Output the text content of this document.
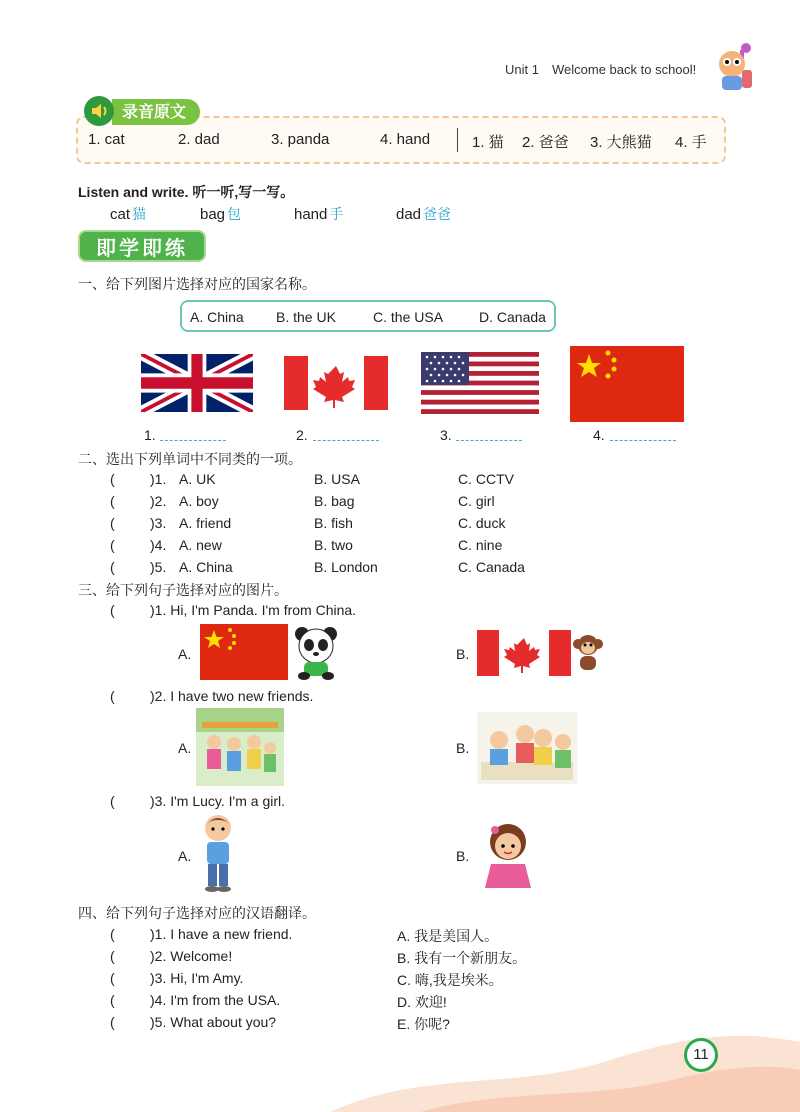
Unit 1 Welcome back to school!
录音原文
1. cat	2. dad	3. panda	4. hand	1. 猫 2. 爸爸 3. 大熊猫 4. 手
Listen and write. 听一听,写一写。
cat 猫	bag 包	hand 手	dad 爸爸
即学即练
一、给下列图片选择对应的国家名称。
A. China B. the UK	C. the USA	D. Canada
1.	2.	3.	4.
二、选出下列单词中不同类的一项。
(	)1. A. UK	B. USA	C. CCTV
(	)2. A. boy	B. bag	C. girl
(	)3. A. friend	B. fish	C. duck
(	)4. A. new	B. two	C. nine
(	)5. A. China	B. London	C. Canada
三、给下列句子选择对应的图片。
(	)1. Hi, I'm Panda. I'm from China.
A.	B.
(	)2. I have two new friends.
A.	B.
(	)3. I'm Lucy. I'm a girl.
A.	B.
四、给下列句子选择对应的汉语翻译。
(	)1. I have a new friend.	A. 我是美国人。
(	)2. Welcome!	B. 我有一个新朋友。
(	)3. Hi, I'm Amy.	C. 嗨,我是埃米。
(	)4. I'm from the USA.	D. 欢迎!
(	)5. What about you?	E. 你呢?
11
